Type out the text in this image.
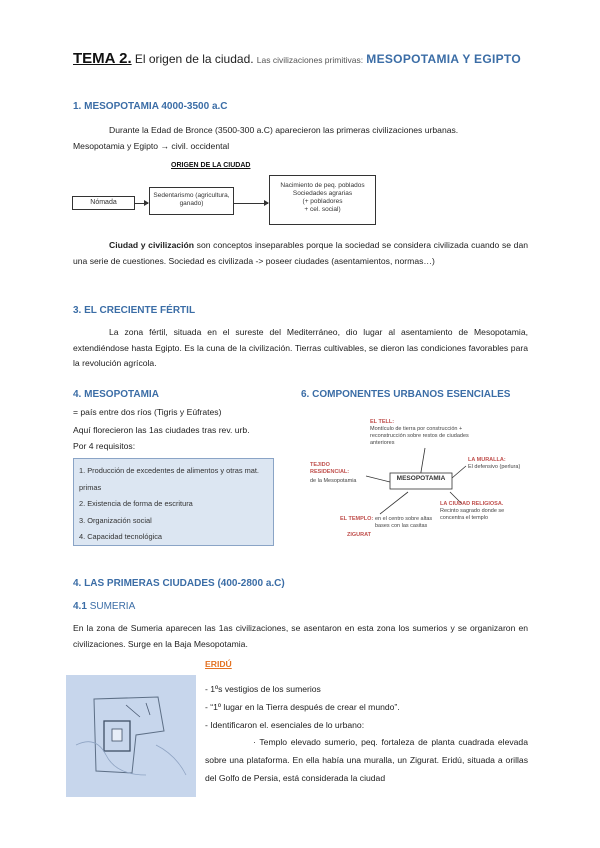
TEMA 2. El origen de la ciudad. Las civilizaciones primitivas: MESOPOTAMIA Y EGIPTO
1. MESOPOTAMIA 4000-3500 a.C
Durante la Edad de Bronce (3500-300 a.C) aparecieron las primeras civilizaciones urbanas.
Mesopotamia y Egipto → civil. occidental
ORIGEN DE LA CIUDAD
Nómada
Sedentarismo (agricultura, ganado)
Nacimiento de peq. poblados
Sociedades agrarias
(+ pobladores
+ cel. social)
Ciudad y civilización son conceptos inseparables porque la sociedad se considera civilizada cuando se dan una serie de cuestiones. Sociedad es civilizada -> poseer ciudades (asentamientos, normas…)
3. EL CRECIENTE FÉRTIL
La zona fértil, situada en el sureste del Mediterráneo, dio lugar al asentamiento de Mesopotamia, extendiéndose hasta Egipto. Es la cuna de la civilización. Tierras cultivables, se dieron las condiciones favorables para la revolución agrícola.
4. MESOPOTAMIA
= país entre dos ríos (Tigris y Eúfrates)
Aquí florecieron las 1as ciudades tras rev. urb.
Por 4 requisitos:
1. Producción de excedentes de alimentos y otras mat. primas
2. Existencia de forma de escritura
3. Organización social
4. Capacidad tecnológica
6. COMPONENTES URBANOS ESENCIALES
MESOPOTAMIA
EL TELL:
Montículo de tierra por construcción + reconstrucción sobre restos de ciudades anteriores
LA MURALLA:
El defensivo (perlura)
TEJIDO RESIDENCIAL:
de la Mesopotamia
EL TEMPLO: en el centro sobre altas bases con las casitas
ZIGURAT
LA CIUDAD RELIGIOSA.
Recinto sagrado donde se concentra el templo
4. LAS PRIMERAS CIUDADES (400-2800 a.C)
4.1 SUMERIA
En la zona de Sumeria aparecen las 1as civilizaciones, se asentaron en esta zona los sumerios y se organizaron en civilizaciones. Surge en la Baja Mesopotamia.
ERIDÚ
- 1ºs vestigios de los sumerios
- “1º lugar en la Tierra después de crear el mundo”.
- Identificaron el. esenciales de lo urbano:
· Templo elevado sumerio, peq. fortaleza de planta cuadrada elevada sobre una plataforma. En ella había una muralla, un Zigurat. Eridú, situada a orillas del Golfo de Persia, está considerada la ciudad
